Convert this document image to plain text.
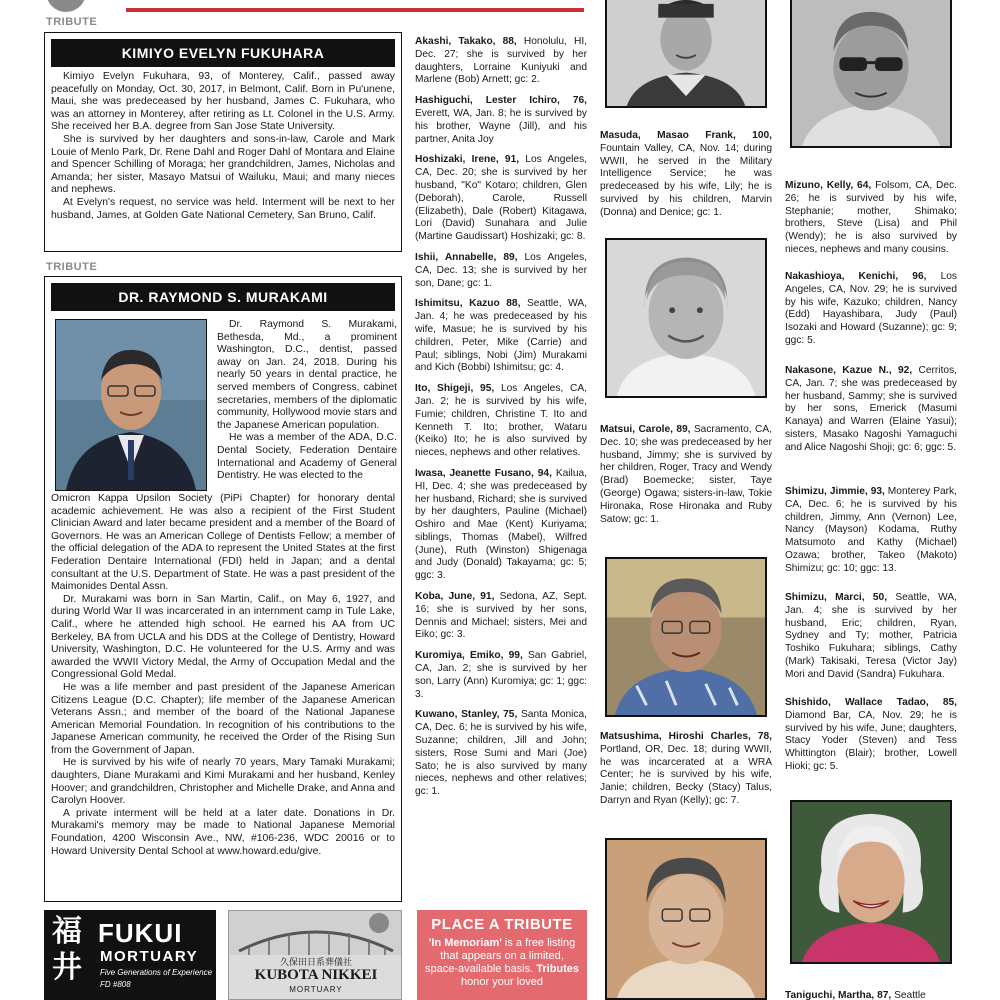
TRIBUTE
KIMIYO EVELYN FUKUHARA

Kimiyo Evelyn Fukuhara, 93, of Monterey, Calif., passed away peacefully on Monday, Oct. 30, 2017, in Belmont, Calif. Born in Pu'unene, Maui, she was predeceased by her husband, James C. Fukuhara, who was an attorney in Monterey, after retiring as Lt. Colonel in the U.S. Army. She received her B.A. degree from San Jose State University.

She is survived by her daughters and sons-in-law, Carole and Mark Louie of Menlo Park, Dr. Rene Dahl and Roger Dahl of Montara and Elaine and Spencer Schilling of Moraga; her grandchildren, James, Nicholas and Amanda; her sister, Masayo Matsui of Wailuku, Maui; and many nieces and nephews.

At Evelyn's request, no service was held. Interment will be next to her husband, James, at Golden Gate National Cemetery, San Bruno, Calif.

TRIBUTE
DR. RAYMOND S. MURAKAMI

Dr. Raymond S. Murakami, Bethesda, Md., a prominent Washington, D.C., dentist, passed away on Jan. 24, 2018. During his nearly 50 years in dental practice, he served members of Congress, cabinet secretaries, members of the diplomatic community, Hollywood movie stars and the Japanese American population.

He was a member of the ADA, D.C. Dental Society, Federation Dentaire International and Academy of General Dentistry. He was elected to the

Omicron Kappa Upsilon Society (PiPi Chapter) for honorary dental academic achievement. He was also a recipient of the First Student Clinician Award and later became president and a member of the Board of Governors. He was an American College of Dentists Fellow; a member of the official delegation of the ADA to represent the United States at the first Federation Dentaire International (FDI) held in Japan; and a dental consultant at the U.S. Department of State. He was a past president of the Maimonides Dental Assn.

Dr. Murakami was born in San Martin, Calif., on May 6, 1927, and during World War II was incarcerated in an internment camp in Tule Lake, Calif., where he attended high school. He earned his AA from UC Berkeley, BA from UCLA and his DDS at the College of Dentistry, Howard University, Washington, D.C. He volunteered for the U.S. Army and was awarded the WWII Victory Medal, the Army of Occupation Medal and the Congressional Gold Medal.

He was a life member and past president of the Japanese American Citizens League (D.C. Chapter); life member of the Japanese American Veterans Assn.; and member of the board of the National Japanese American Memorial Foundation. In recognition of his contributions to the Japanese American community, he received the Order of the Rising Sun from the Government of Japan.

He is survived by his wife of nearly 70 years, Mary Tamaki Murakami; daughters, Diane Murakami and Kimi Murakami and her husband, Kenley Hoover; and grandchildren, Christopher and Michelle Drake, and Anna and Carolyn Hoover.

A private interment will be held at a later date. Donations in Dr. Murakami's memory may be made to National Japanese Memorial Foundation, 4200 Wisconsin Ave., NW, #106-236, WDC 20016 or to Howard University Dental School at www.howard.edu/give.

Akashi, Takako, 88, Honolulu, HI, Dec. 27; she is survived by her daughters, Lorraine Kuniyuki and Marlene (Bob) Arnett; gc: 2.
Hashiguchi, Lester Ichiro, 76, Everett, WA, Jan. 8; he is survived by his brother, Wayne (Jill), and his partner, Anita Joy
Hoshizaki, Irene, 91, Los Angeles, CA, Dec. 20; she is survived by her husband, "Ko" Kotaro; children, Glen (Deborah), Carole, Russell (Elizabeth), Dale (Robert) Kitagawa, Lori (David) Sunahara and Julie (Martine Gaudissart) Hoshizaki; gc: 8.
Ishii, Annabelle, 89, Los Angeles, CA, Dec. 13; she is survived by her son, Dane; gc: 1.
Ishimitsu, Kazuo 88, Seattle, WA, Jan. 4; he was predeceased by his wife, Masue; he is survived by his children, Peter, Mike (Carrie) and Paul; siblings, Nobi (Jim) Murakami and Kich (Bobbi) Ishimitsu; gc: 4.
Ito, Shigeji, 95, Los Angeles, CA, Jan. 2; he is survived by his wife, Fumie; children, Christine T. Ito and Kenneth T. Ito; brother, Wataru (Keiko) Ito; he is also survived by nieces, nephews and other relatives.
Iwasa, Jeanette Fusano, 94, Kailua, HI, Dec. 4; she was predeceased by her husband, Richard; she is survived by her daughters, Pauline (Michael) Oshiro and Mae (Kent) Kuriyama; siblings, Thomas (Mabel), Wilfred (June), Ruth (Winston) Shigenaga and Judy (Donald) Takayama; gc: 5; ggc: 3.
Koba, June, 91, Sedona, AZ, Sept. 16; she is survived by her sons, Dennis and Michael; sisters, Mei and Eiko; gc: 3.
Kuromiya, Emiko, 99, San Gabriel, CA, Jan. 2; she is survived by her son, Larry (Ann) Kuromiya; gc: 1; ggc: 3.
Kuwano, Stanley, 75, Santa Monica, CA, Dec. 6; he is survived by his wife, Suzanne; children, Jill and John; sisters, Rose Sumi and Mari (Joe) Sato; he is also survived by many nieces, nephews and other relatives; gc: 1.
Masuda, Masao Frank, 100, Fountain Valley, CA, Nov. 14; during WWII, he served in the Military Intelligence Service; he was predeceased by his wife, Lily; he is survived by his children, Marvin (Donna) and Denice; gc: 1.
Matsui, Carole, 89, Sacramento, CA, Dec. 10; she was predeceased by her husband, Jimmy; she is survived by her children, Roger, Tracy and Wendy (Brad) Boemecke; sister, Taye (George) Ogawa; sisters-in-law, Tokie Hironaka, Rose Hironaka and Ruby Satow; gc: 1.
Matsushima, Hiroshi Charles, 78, Portland, OR, Dec. 18; during WWII, he was incarcerated at a WRA Center; he is survived by his wife, Janie; children, Becky (Stacy) Talus, Darryn and Ryan (Kelly); gc: 7.
Mizuno, Kelly, 64, Folsom, CA, Dec. 26; he is survived by his wife, Stephanie; mother, Shimako; brothers, Steve (Lisa) and Phil (Wendy); he is also survived by nieces, nephews and many cousins.
Nakashioya, Kenichi, 96, Los Angeles, CA, Nov. 29; he is survived by his wife, Kazuko; children, Nancy (Edd) Hayashibara, Judy (Paul) Isozaki and Howard (Suzanne); gc: 9; ggc: 5.
Nakasone, Kazue N., 92, Cerritos, CA, Jan. 7; she was predeceased by her husband, Sammy; she is survived by her sons, Emerick (Masumi Kanaya) and Warren (Elaine Yasui); sisters, Masako Nagoshi Yamaguchi and Alice Nagoshi Shoji; gc: 6; ggc: 5.
Shimizu, Jimmie, 93, Monterey Park, CA, Dec. 6; he is survived by his children, Jimmy, Ann (Vernon) Lee, Nancy (Mayson) Kodama, Ruthy Matsumoto and Kathy (Michael) Ozawa; brother, Takeo (Makoto) Shimizu; gc: 10; ggc: 13.
Shimizu, Marci, 50, Seattle, WA, Jan. 4; she is survived by her husband, Eric; children, Ryan, Sydney and Ty; mother, Patricia Toshiko Fukuhara; siblings, Cathy (Mark) Takisaki, Teresa (Victor Jay) Mori and David (Sandra) Fukuhara.
Shishido, Wallace Tadao, 85, Diamond Bar, CA, Nov. 29; he is survived by his wife, June; daughters, Stacy Yoder (Steven) and Tess Whittington (Blair); brother, Lowell Hioki; gc: 5.
Taniguchi, Martha, 87, Seattle
福
井
FUKUI
MORTUARY
Five Generations of Experience
FD #808
久保田日系葬儀社
KUBOTA NIKKEI
MORTUARY
PLACE A TRIBUTE
'In Memoriam' is a free listing that appears on a limited, space-available basis. Tributes honor your loved
